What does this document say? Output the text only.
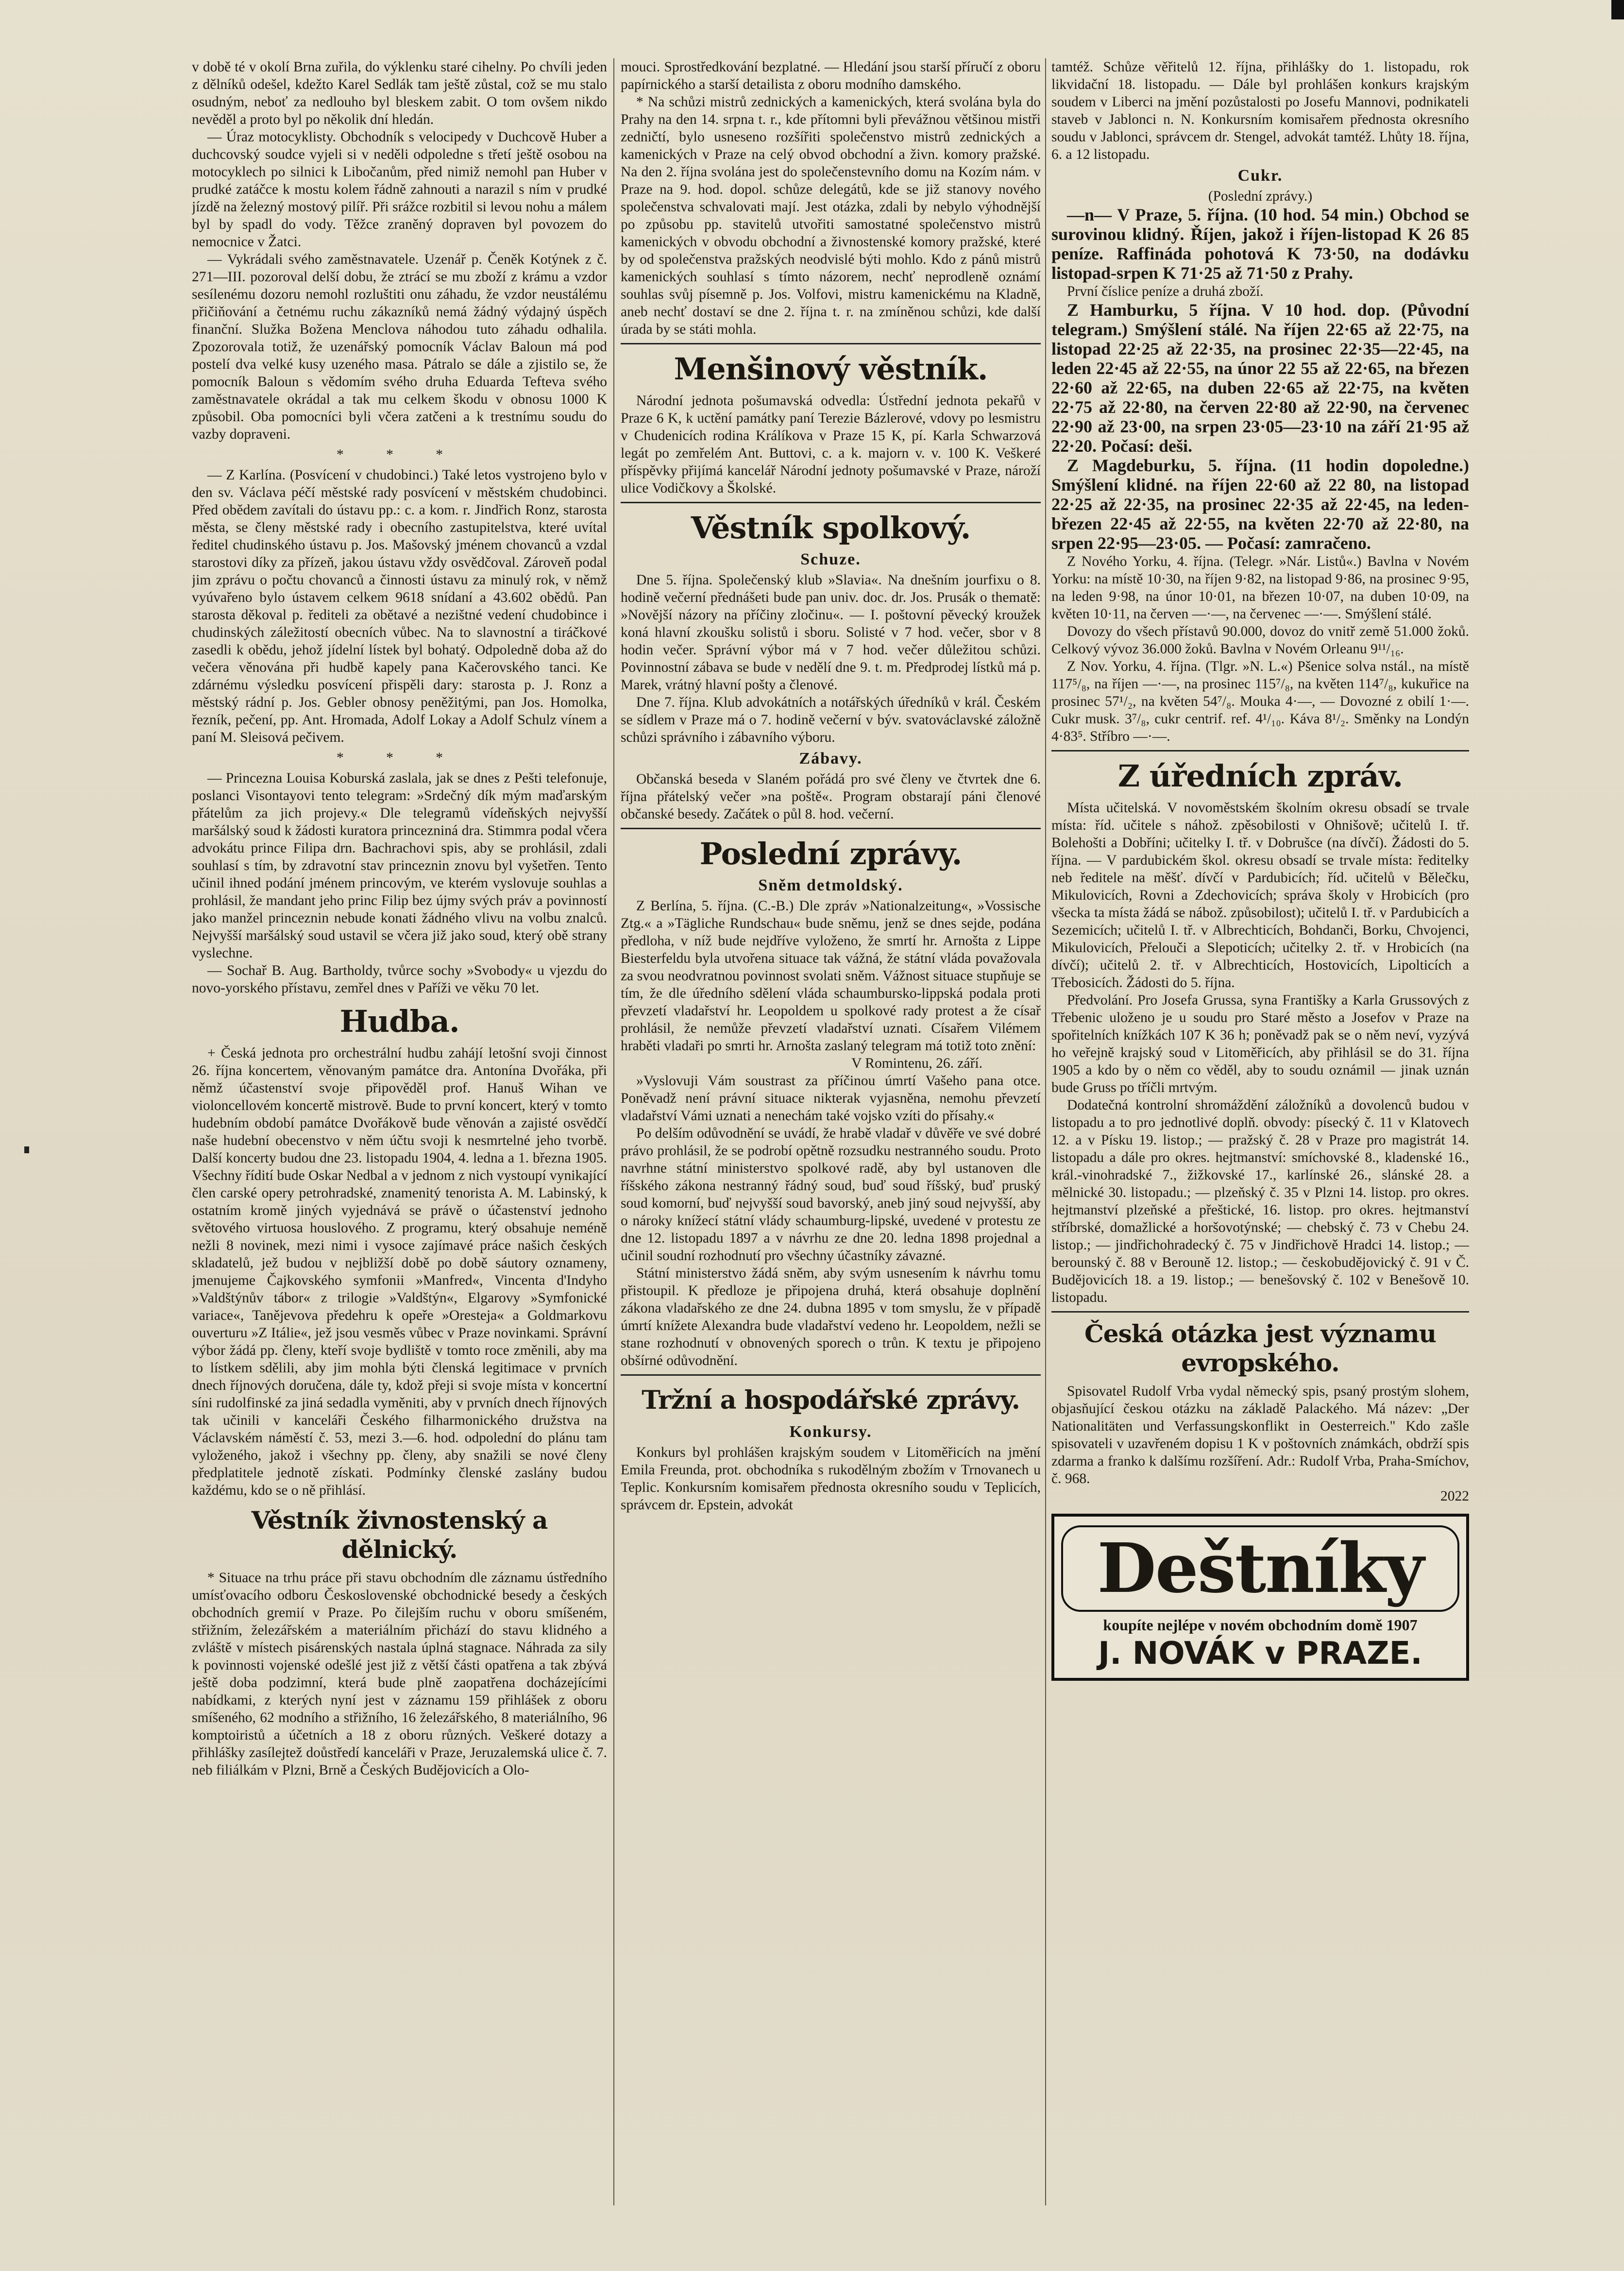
v době té v okolí Brna zuřila, do výklenku staré cihelny. Po chvíli jeden z dělníků odešel, kdežto Karel Sedlák tam ještě zůstal, což se mu stalo osudným, neboť za nedlouho byl bleskem zabit. O tom ovšem nikdo nevěděl a proto byl po několik dní hledán.

— Úraz motocyklisty. Obchodník s velocipedy v Duchcově Huber a duchcovský soudce vyjeli si v neděli odpoledne s třetí ještě osobou na motocyklech po silnici k Libočanům, před nimiž nemohl pan Huber v prudké zatáčce k mostu kolem řádně zahnouti a narazil s ním v prudké jízdě na železný mostový pilíř. Při srážce rozbitil si levou nohu a málem byl by spadl do vody. Těžce zraněný dopraven byl povozem do nemocnice v Žatci.

— Vykrádali svého zaměstnavatele. Uzenář p. Čeněk Kotýnek z č. 271—III. pozoroval delší dobu, že ztrácí se mu zboží z krámu a vzdor sesílenému dozoru nemohl rozluštiti onu záhadu, že vzdor neustálému přičiňování a četnému ruchu zákazníků nemá žádný výdajný úspěch finanční. Služka Božena Menclova náhodou tuto záhadu odhalila. Zpozorovala totiž, že uzenářský pomocník Václav Baloun má pod postelí dva velké kusy uzeného masa. Pátralo se dále a zjistilo se, že pomocník Baloun s vědomím svého druha Eduarda Tefteva svého zaměstnavatele okrádal a tak mu celkem škodu v obnosu 1000 K způsobil. Oba pomocníci byli včera zatčeni a k trestnímu soudu do vazby dopraveni.

* * *

— Z Karlína. (Posvícení v chudobinci.) Také letos vystrojeno bylo v den sv. Václava péčí městské rady posvícení v městském chudobinci. Před obědem zavítali do ústavu pp.: c. a kom. r. Jindřich Ronz, starosta města, se členy městské rady i obecního zastupitelstva, které uvítal ředitel chudinského ústavu p. Jos. Mašovský jménem chovanců a vzdal starostovi díky za přízeň, jakou ústavu vždy osvědčoval. Zároveň podal jim zprávu o počtu chovanců a činnosti ústavu za minulý rok, v němž vyúvařeno bylo ústavem celkem 9618 snídaní a 43.602 obědů. Pan starosta děkoval p. řediteli za obětavé a nezištné vedení chudobince i chudinských záležitostí obecních vůbec. Na to slavnostní a tiráčkové zasedli k obědu, jehož jídelní lístek byl bohatý. Odpoledně doba až do večera věnována při hudbě kapely pana Kačerovského tanci. Ke zdárnému výsledku posvícení přispěli dary: starosta p. J. Ronz a městský rádní p. Jos. Gebler obnosy peněžitými, pan Jos. Homolka, řezník, pečení, pp. Ant. Hromada, Adolf Lokay a Adolf Schulz vínem a paní M. Sleisová pečivem.

* * *

— Princezna Louisa Koburská zaslala, jak se dnes z Pešti telefonuje, poslanci Visontayovi tento telegram: »Srdečný dík mým maďarským přátelům za jich projevy.« Dle telegramů vídeňských nejvyšší maršálský soud k žádosti kuratora princezniná dra. Stimmra podal včera advokátu prince Filipa drn. Bachrachovi spis, aby se prohlásil, zdali souhlasí s tím, by zdravotní stav princeznin znovu byl vyšetřen. Tento učinil ihned podání jménem princovým, ve kterém vyslovuje souhlas a prohlásil, že mandant jeho princ Filip bez újmy svých práv a povinností jako manžel princeznin nebude konati žádného vlivu na volbu znalců. Nejvyšší maršálský soud ustavil se včera již jako soud, který obě strany vyslechne.

— Sochař B. Aug. Bartholdy, tvůrce sochy »Svobody« u vjezdu do novo-yorského přístavu, zemřel dnes v Paříži ve věku 70 let.

Hudba.

+ Česká jednota pro orchestrální hudbu zahájí letošní svoji činnost 26. října koncertem, věnovaným památce dra. Antonína Dvořáka, při němž účastenství svoje připověděl prof. Hanuš Wihan ve violoncellovém koncertě mistrově. Bude to první koncert, který v tomto hudebním období památce Dvořákově bude věnován a zajisté osvědčí naše hudební obecenstvo v něm účtu svoji k nesmrtelné jeho tvorbě. Další koncerty budou dne 23. listopadu 1904, 4. ledna a 1. března 1905. Všechny řídití bude Oskar Nedbal a v jednom z nich vystoupí vynikající člen carské opery petrohradské, znamenitý tenorista A. M. Labinský, k ostatním kromě jiných vyjednává se právě o účastenství jednoho světového virtuosa houslového. Z programu, který obsahuje neméně nežli 8 novinek, mezi nimi i vysoce zajímavé práce našich českých skladatelů, jež budou v nejbližší době po době sáutory oznameny, jmenujeme Čajkovského symfonii »Manfred«, Vincenta d'Indyho »Valdštýnův tábor« z trilogie »Valdštýn«, Elgarovy »Symfonické variace«, Tanějevova předehru k opeře »Oresteja« a Goldmarkovu ouverturu »Z Itálie«, jež jsou vesměs vůbec v Praze novinkami. Správní výbor žádá pp. členy, kteří svoje bydliště v tomto roce změnili, aby ma to lístkem sdělili, aby jim mohla býti členská legitimace v prvních dnech říjnových doručena, dále ty, kdož přeji si svoje místa v koncertní síni rudolfinské za jiná sedadla vyměniti, aby v prvních dnech říjnových tak učinili v kanceláři Českého filharmonického družstva na Václavském náměstí č. 53, mezi 3.—6. hod. odpolední do plánu tam vyloženého, jakož i všechny pp. členy, aby snažili se nové členy předplatitele jednotě získati. Podmínky členské zaslány budou každému, kdo se o ně přihlásí.

Věstník živnostenský a dělnický.

* Situace na trhu práce při stavu obchodním dle záznamu ústředního umísťovacího odboru Československé obchodnické besedy a českých obchodních gremií v Praze. Po čilejším ruchu v oboru smíšeném, střižním, železářském a materiálním přichází do stavu klidného a zvláště v místech pisárenských nastala úplná stagnace. Náhrada za sily k povinnosti vojenské odešlé jest již z větší části opatřena a tak zbývá ještě doba podzimní, která bude plně zaopatřena docházejícími nabídkami, z kterých nyní jest v záznamu 159 přihlášek z oboru smíšeného, 62 modního a střižního, 16 železářského, 8 materiálního, 96 komptoiristů a účetních a 18 z oboru různých. Veškeré dotazy a přihlášky zasílejtež doůstředí kanceláři v Praze, Jeruzalemská ulice č. 7. neb filiálkám v Plzni, Brně a Českých Budějovicích a Olo-

mouci. Sprostředkování bezplatné. — Hledání jsou starší příručí z oboru papírnického a starší detailista z oboru modního damského.

* Na schůzi mistrů zednických a kamenických, která svolána byla do Prahy na den 14. srpna t. r., kde přítomni byli převážnou většinou mistři zedničtí, bylo usneseno rozšířiti společenstvo mistrů zednických a kamenických v Praze na celý obvod obchodní a živn. komory pražské. Na den 2. října svolána jest do společenstevního domu na Kozím nám. v Praze na 9. hod. dopol. schůze delegátů, kde se již stanovy nového společenstva schvalovati mají. Jest otázka, zdali by nebylo výhodnější po způsobu pp. stavitelů utvořiti samostatné společenstvo mistrů kamenických v obvodu obchodní a živnostenské komory pražské, které by od společenstva pražských neodvislé býti mohlo. Kdo z pánů mistrů kamenických souhlasí s tímto názorem, nechť neprodleně oznámí souhlas svůj písemně p. Jos. Volfovi, mistru kamenickému na Kladně, aneb nechť dostaví se dne 2. října t. r. na zmíněnou schůzi, kde další úrada by se státi mohla.

Menšinový věstník.

Národní jednota pošumavská odvedla: Ústřední jednota pekařů v Praze 6 K, k uctění památky paní Terezie Bázlerové, vdovy po lesmistru v Chudenicích rodina Králíkova v Praze 15 K, pí. Karla Schwarzová legát po zemřelém Ant. Buttovi, c. a k. majorn v. v. 100 K. Veškeré příspěvky přijímá kancelář Národní jednoty pošumavské v Praze, nároží ulice Vodičkovy a Školské.

Věstník spolkový.
Schuze.

Dne 5. října. Společenský klub »Slavia«. Na dnešním jourfixu o 8. hodině večerní přednášeti bude pan univ. doc. dr. Jos. Prusák o thematě: »Novější názory na příčiny zločinu«. — I. poštovní pěvecký kroužek koná hlavní zkoušku solistů i sboru. Solisté v 7 hod. večer, sbor v 8 hodin večer. Správní výbor má v 7 hod. večer důležitou schůzi. Povinnostní zábava se bude v nedělí dne 9. t. m. Předprodej lístků má p. Marek, vrátný hlavní pošty a členové.

Dne 7. října. Klub advokátních a notářských úředníků v král. Českém se sídlem v Praze má o 7. hodině večerní v býv. svatováclavské záložně schůzi správního i zábavního výboru.

Zábavy.

Občanská beseda v Slaném pořádá pro své členy ve čtvrtek dne 6. října přátelský večer »na poště«. Program obstarají páni členové občanské besedy. Začátek o půl 8. hod. večerní.

Poslední zprávy.
Sněm detmoldský.

Z Berlína, 5. října. (C.-B.) Dle zpráv »Nationalzeitung«, »Vossische Ztg.« a »Tägliche Rundschau« bude sněmu, jenž se dnes sejde, podána předloha, v níž bude nejdříve vyloženo, že smrtí hr. Arnošta z Lippe Biesterfeldu byla utvořena situace tak vážná, že státní vláda považovala za svou neodvratnou povinnost svolati sněm. Vážnost situace stupňuje se tím, že dle úředního sdělení vláda schaumbursko-lippská podala proti převzetí vladařství hr. Leopoldem u spolkové rady protest a že císař prohlásil, že nemůže převzetí vladařství uznati. Císařem Vilémem hraběti vladaři po smrti hr. Arnošta zaslaný telegram má totiž toto znění:

V Romintenu, 26. září.

»Vyslovuji Vám soustrast za příčinou úmrtí Vašeho pana otce. Poněvadž není právní situace nikterak vyjasněna, nemohu převzetí vladařství Vámi uznati a nenechám také vojsko vzíti do přísahy.«

Po delším odůvodnění se uvádí, že hrabě vladař v důvěře ve své dobré právo prohlásil, že se podrobí opětně rozsudku nestranného soudu. Proto navrhne státní ministerstvo spolkové radě, aby byl ustanoven dle říšského zákona nestranný řádný soud, buď soud říšský, buď pruský soud komorní, buď nejvyšší soud bavorský, aneb jiný soud nejvyšší, aby o nároky knížecí státní vlády schaumburg-lipské, uvedené v protestu ze dne 12. listopadu 1897 a v návrhu ze dne 20. ledna 1898 projednal a učinil soudní rozhodnutí pro všechny účastníky závazné.

Státní ministerstvo žádá sněm, aby svým usnesením k návrhu tomu přistoupil. K předloze je připojena druhá, která obsahuje doplnění zákona vladařského ze dne 24. dubna 1895 v tom smyslu, že v případě úmrtí knížete Alexandra bude vladařství vedeno hr. Leopoldem, nežli se stane rozhodnutí v obnovených sporech o trůn. K textu je připojeno obšírné odůvodnění.

Tržní a hospodářské zprávy.
Konkursy.

Konkurs byl prohlášen krajským soudem v Litoměřicích na jmění Emila Freunda, prot. obchodníka s rukodělným zbožím v Trnovanech u Teplic. Konkursním komisařem přednosta okresního soudu v Teplicích, správcem dr. Epstein, advokát

tamtéž. Schůze věřitelů 12. října, přihlášky do 1. listopadu, rok likvidační 18. listopadu. — Dále byl prohlášen konkurs krajským soudem v Liberci na jmění pozůstalosti po Josefu Mannovi, podnikateli staveb v Jablonci n. N. Konkursním komisařem přednosta okresního soudu v Jablonci, správcem dr. Stengel, advokát tamtéž. Lhůty 18. října, 6. a 12 listopadu.

Cukr.
(Poslední zprávy.)

—n— V Praze, 5. října. (10 hod. 54 min.) Obchod se surovinou klidný. Říjen, jakož i říjen-listopad K 26 85 peníze. Raffináda pohotová K 73·50, na dodávku listopad-srpen K 71·25 až 71·50 z Prahy.

První číslice peníze a druhá zboží.

Z Hamburku, 5 října. V 10 hod. dop. (Původní telegram.) Smýšlení stálé. Na říjen 22·65 až 22·75, na listopad 22·25 až 22·35, na prosinec 22·35—22·45, na leden 22·45 až 22·55, na únor 22 55 až 22·65, na březen 22·60 až 22·65, na duben 22·65 až 22·75, na květen 22·75 až 22·80, na červen 22·80 až 22·90, na červenec 22·90 až 23·00, na srpen 23·05—23·10 na září 21·95 až 22·20. Počasí: deši.

Z Magdeburku, 5. října. (11 hodin dopoledne.) Smýšlení klidné. na říjen 22·60 až 22 80, na listopad 22·25 až 22·35, na prosinec 22·35 až 22·45, na leden-březen 22·45 až 22·55, na květen 22·70 až 22·80, na srpen 22·95—23·05. — Počasí: zamračeno.

Z Nového Yorku, 4. října. (Telegr. »Nár. Listů«.) Bavlna v Novém Yorku: na místě 10·30, na říjen 9·82, na listopad 9·86, na prosinec 9·95, na leden 9·98, na únor 10·01, na březen 10·07, na duben 10·09, na květen 10·11, na červen —·—, na červenec —·—. Smýšlení stálé.

Dovozy do všech přístavů 90.000, dovoz do vnitř země 51.000 žoků. Celkový vývoz 36.000 žoků. Bavlna v Novém Orleanu 9¹¹/₁₆.

Z Nov. Yorku, 4. října. (Tlgr. »N. L.«) Pšenice solva nstál., na místě 117⁵/₈, na říjen —·—, na prosinec 115⁷/₈, na květen 114⁷/₈, kukuřice na prosinec 57¹/₂, na květen 54⁷/₈. Mouka 4·—, — Dovozné z obilí 1·—. Cukr musk. 3⁷/₈, cukr centrif. ref. 4¹/₁₀. Káva 8¹/₂. Směnky na Londýn 4·83⁵. Stříbro —·—.

Z úředních zpráv.

Místa učitelská. V novoměstském školním okresu obsadí se trvale místa: říd. učitele s náhož. zpěsobilosti v Ohnišově; učitelů I. tř. Bolehošti a Dobříni; učitelky I. tř. v Dobrušce (na dívčí). Žádosti do 5. října. — V pardubickém škol. okresu obsadí se trvale místa: ředitelky neb ředitele na měšť. dívčí v Pardubicích; říd. učitelů v Bělečku, Mikulovicích, Rovni a Zdechovicích; správa školy v Hrobicích (pro všecka ta místa žádá se nábož. způsobilost); učitelů I. tř. v Pardubicích a Sezemicích; učitelů I. tř. v Albrechticích, Bohdanči, Borku, Chvojenci, Mikulovicích, Přelouči a Slepoticích; učitelky 2. tř. v Hrobicích (na dívčí); učitelů 2. tř. v Albrechticích, Hostovicích, Lipolticích a Třebosicích. Žádosti do 5. října.

Předvolání. Pro Josefa Grussa, syna Františky a Karla Grussových z Třebenic uloženo je u soudu pro Staré město a Josefov v Praze na spořitelních knížkách 107 K 36 h; poněvadž pak se o něm neví, vyzývá ho veřejně krajský soud v Litoměřicích, aby přihlásil se do 31. října 1905 a kdo by o něm co věděl, aby to soudu oznámil — jinak uznán bude Gruss po tříčli mrtvým.

Dodatečná kontrolní shromáždění záložníků a dovolenců budou v listopadu a to pro jednotlivé doplň. obvody: písecký č. 11 v Klatovech 12. a v Písku 19. listop.; — pražský č. 28 v Praze pro magistrát 14. listopadu a dále pro okres. hejtmanství: smíchovské 8., kladenské 16., král.-vinohradské 7., žižkovské 17., karlínské 26., slánské 28. a mělnické 30. listopadu.; — plzeňský č. 35 v Plzni 14. listop. pro okres. hejtmanství plzeňské a přeštické, 16. listop. pro okres. hejtmanství stříbrské, domažlické a horšovotýnské; — chebský č. 73 v Chebu 24. listop.; — jindřichohradecký č. 75 v Jindřichově Hradci 14. listop.; — berounský č. 88 v Berouně 12. listop.; — českobudějovický č. 91 v Č. Budějovicích 18. a 19. listop.; — benešovský č. 102 v Benešově 10. listopadu.

Česká otázka jest významu evropského.

Spisovatel Rudolf Vrba vydal německý spis, psaný prostým slohem, objasňující českou otázku na základě Palackého. Má název: „Der Nationalitäten und Verfassungskonflikt in Oesterreich." Kdo zašle spisovateli v uzavřeném dopisu 1 K v poštovních známkách, obdrží spis zdarma a franko k dalšímu rozšíření. Adr.: Rudolf Vrba, Praha-Smíchov, č. 968.

2022
Deštníky
koupíte nejlépe v novém obchodním domě 1907
J. NOVÁK v PRAZE.
